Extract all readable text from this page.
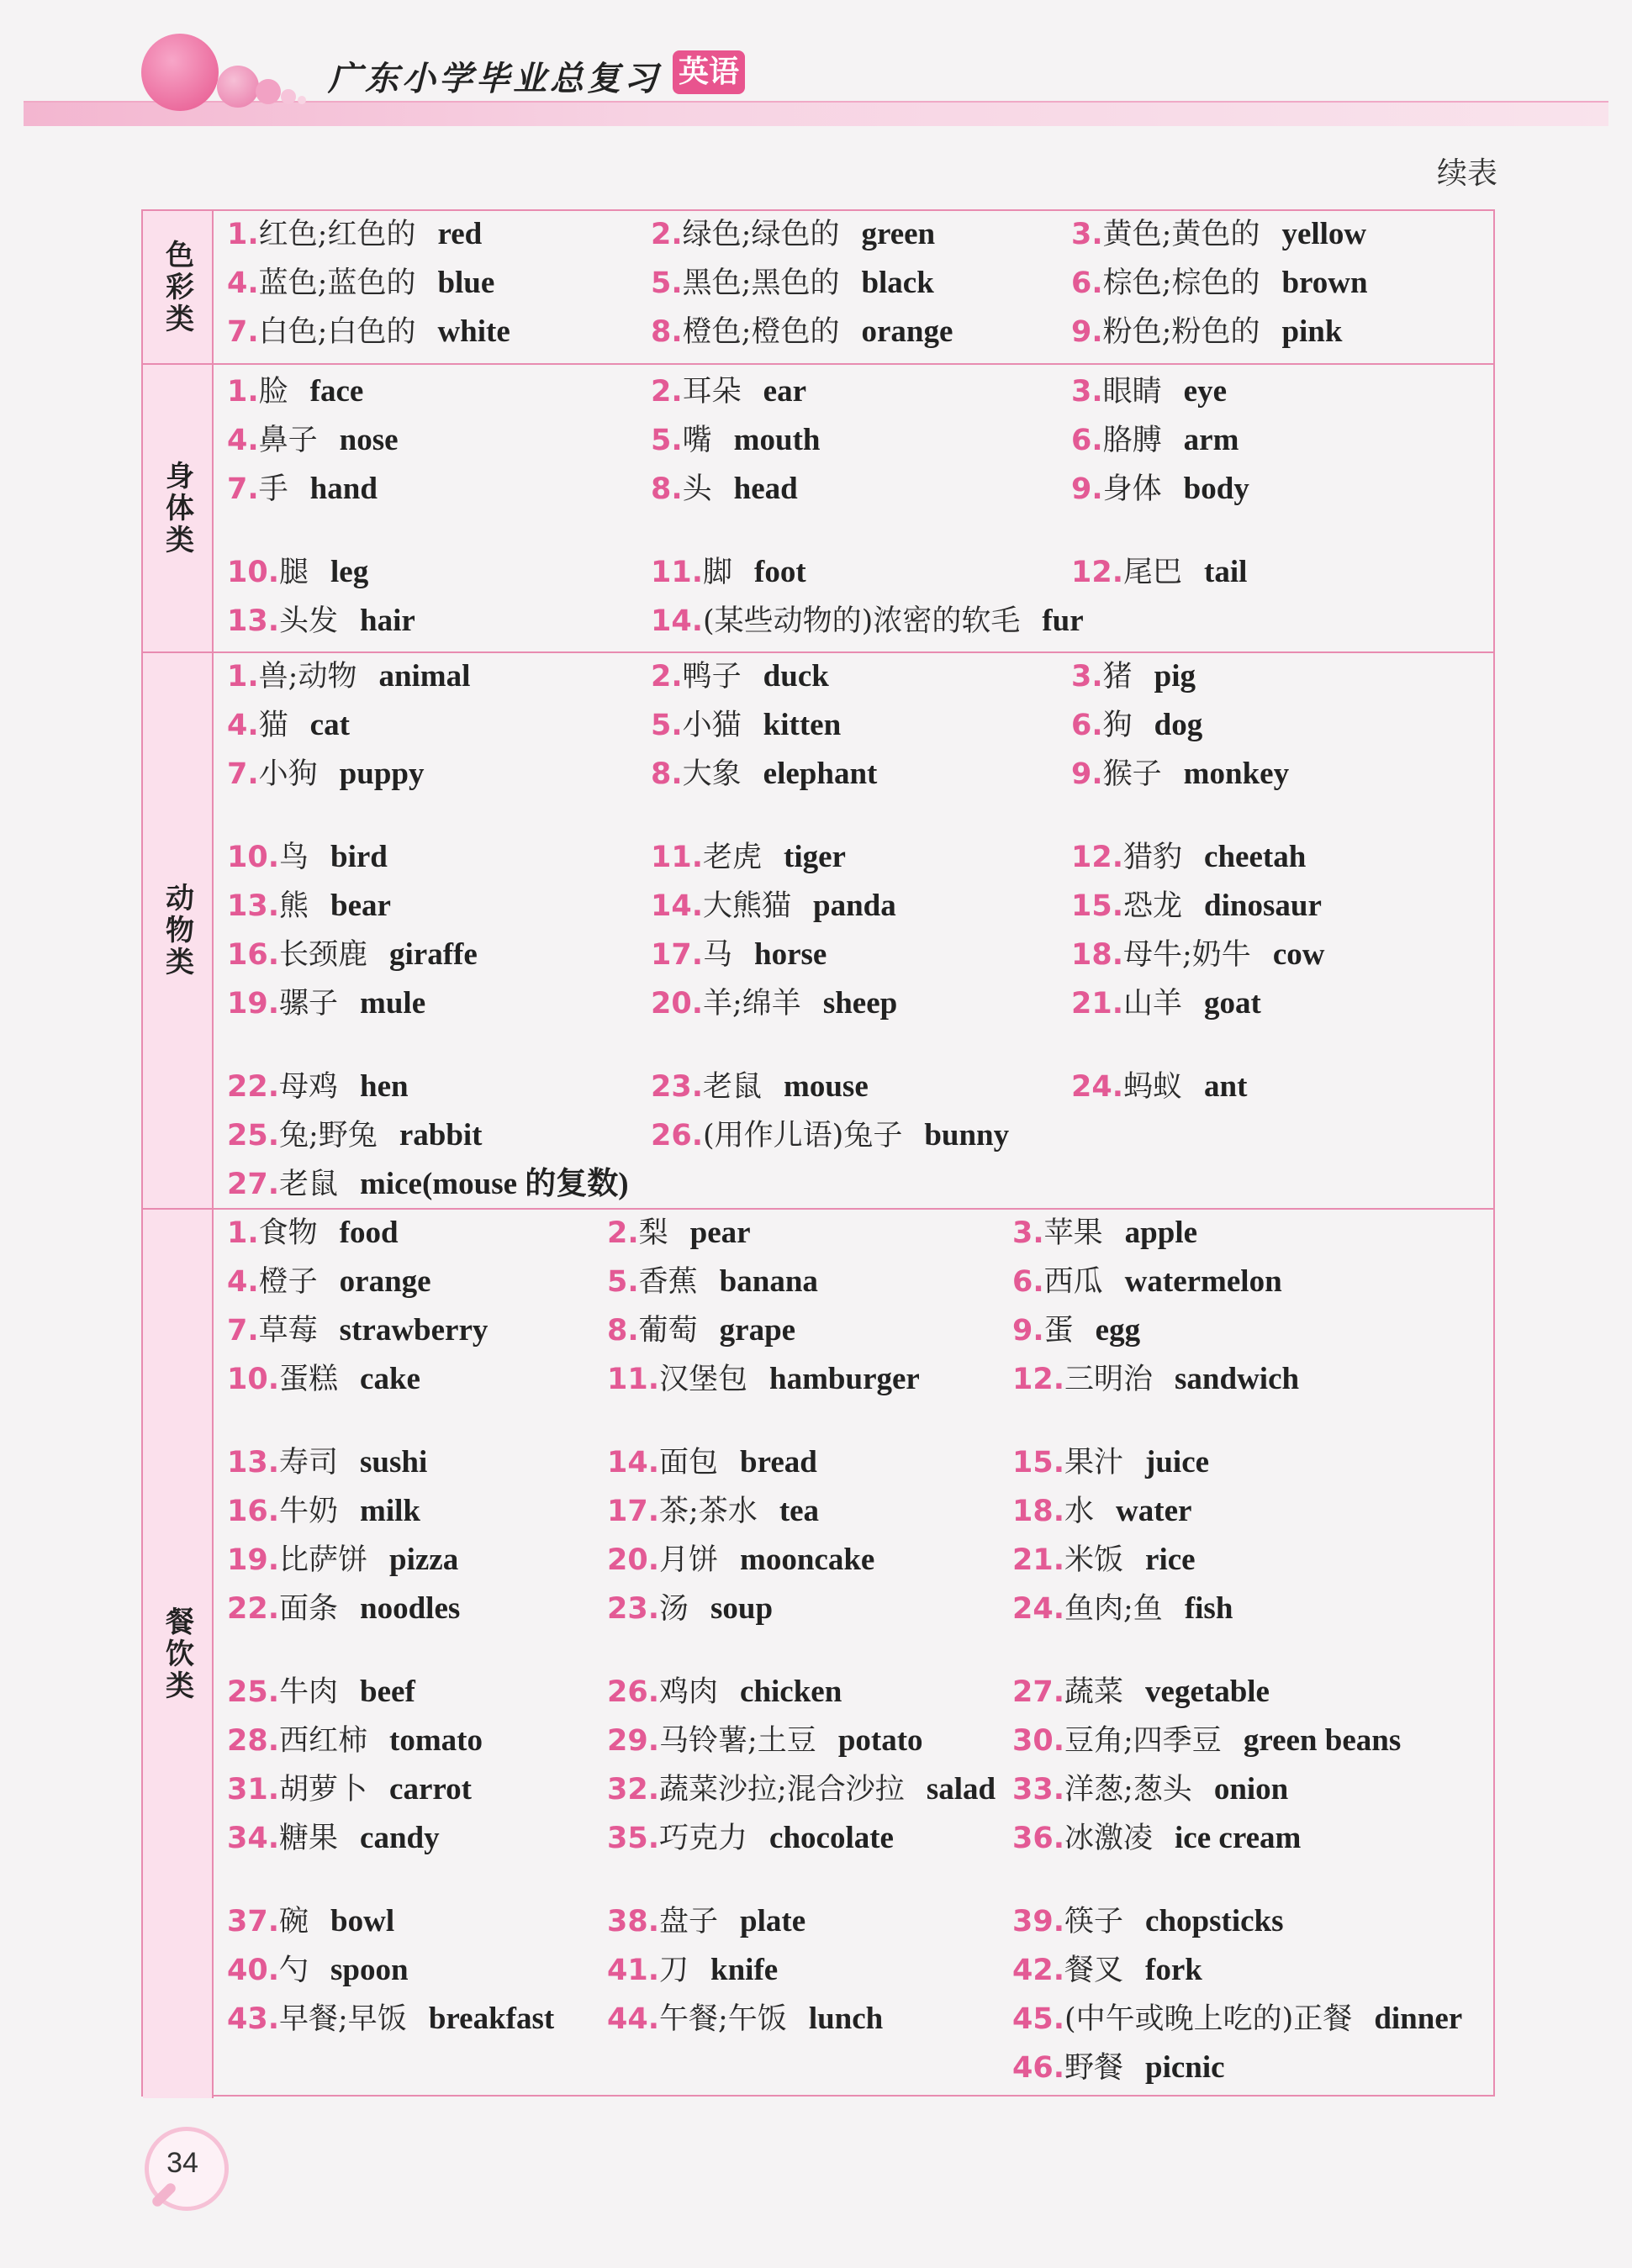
广东小学毕业总复习 英语
续表
色彩类
1.红色;红色的 red	2.绿色;绿色的 green	3.黄色;黄色的 yellow
4.蓝色;蓝色的 blue	5.黑色;黑色的 black	6.棕色;棕色的 brown
7.白色;白色的 white	8.橙色;橙色的 orange	9.粉色;粉色的 pink
身体类
1.脸 face	2.耳朵 ear	3.眼睛 eye
4.鼻子 nose	5.嘴 mouth	6.胳膊 arm
7.手 hand	8.头 head	9.身体 body
10.腿 leg	11.脚 foot	12.尾巴 tail
13.头发 hair	14.(某些动物的)浓密的软毛 fur
动物类
1.兽;动物 animal	2.鸭子 duck	3.猪 pig
4.猫 cat	5.小猫 kitten	6.狗 dog
7.小狗 puppy	8.大象 elephant	9.猴子 monkey
10.鸟 bird	11.老虎 tiger	12.猎豹 cheetah
13.熊 bear	14.大熊猫 panda	15.恐龙 dinosaur
16.长颈鹿 giraffe	17.马 horse	18.母牛;奶牛 cow
19.骡子 mule	20.羊;绵羊 sheep	21.山羊 goat
22.母鸡 hen	23.老鼠 mouse	24.蚂蚁 ant
25.兔;野兔 rabbit	26.(用作儿语)兔子 bunny
27.老鼠 mice(mouse 的复数)
餐饮类
1.食物 food	2.梨 pear	3.苹果 apple
4.橙子 orange	5.香蕉 banana	6.西瓜 watermelon
7.草莓 strawberry	8.葡萄 grape	9.蛋 egg
10.蛋糕 cake	11.汉堡包 hamburger	12.三明治 sandwich
13.寿司 sushi	14.面包 bread	15.果汁 juice
16.牛奶 milk	17.茶;茶水 tea	18.水 water
19.比萨饼 pizza	20.月饼 mooncake	21.米饭 rice
22.面条 noodles	23.汤 soup	24.鱼肉;鱼 fish
25.牛肉 beef	26.鸡肉 chicken	27.蔬菜 vegetable
28.西红柿 tomato	29.马铃薯;土豆 potato	30.豆角;四季豆 green beans
31.胡萝卜 carrot	32.蔬菜沙拉;混合沙拉 salad 33.洋葱;葱头 onion
34.糖果 candy	35.巧克力 chocolate	36.冰激凌 ice cream
37.碗 bowl	38.盘子 plate	39.筷子 chopsticks
40.勺 spoon	41.刀 knife	42.餐叉 fork
43.早餐;早饭 breakfast 44.午餐;午饭 lunch	45.(中午或晚上吃的)正餐 dinner
46.野餐 picnic
34
